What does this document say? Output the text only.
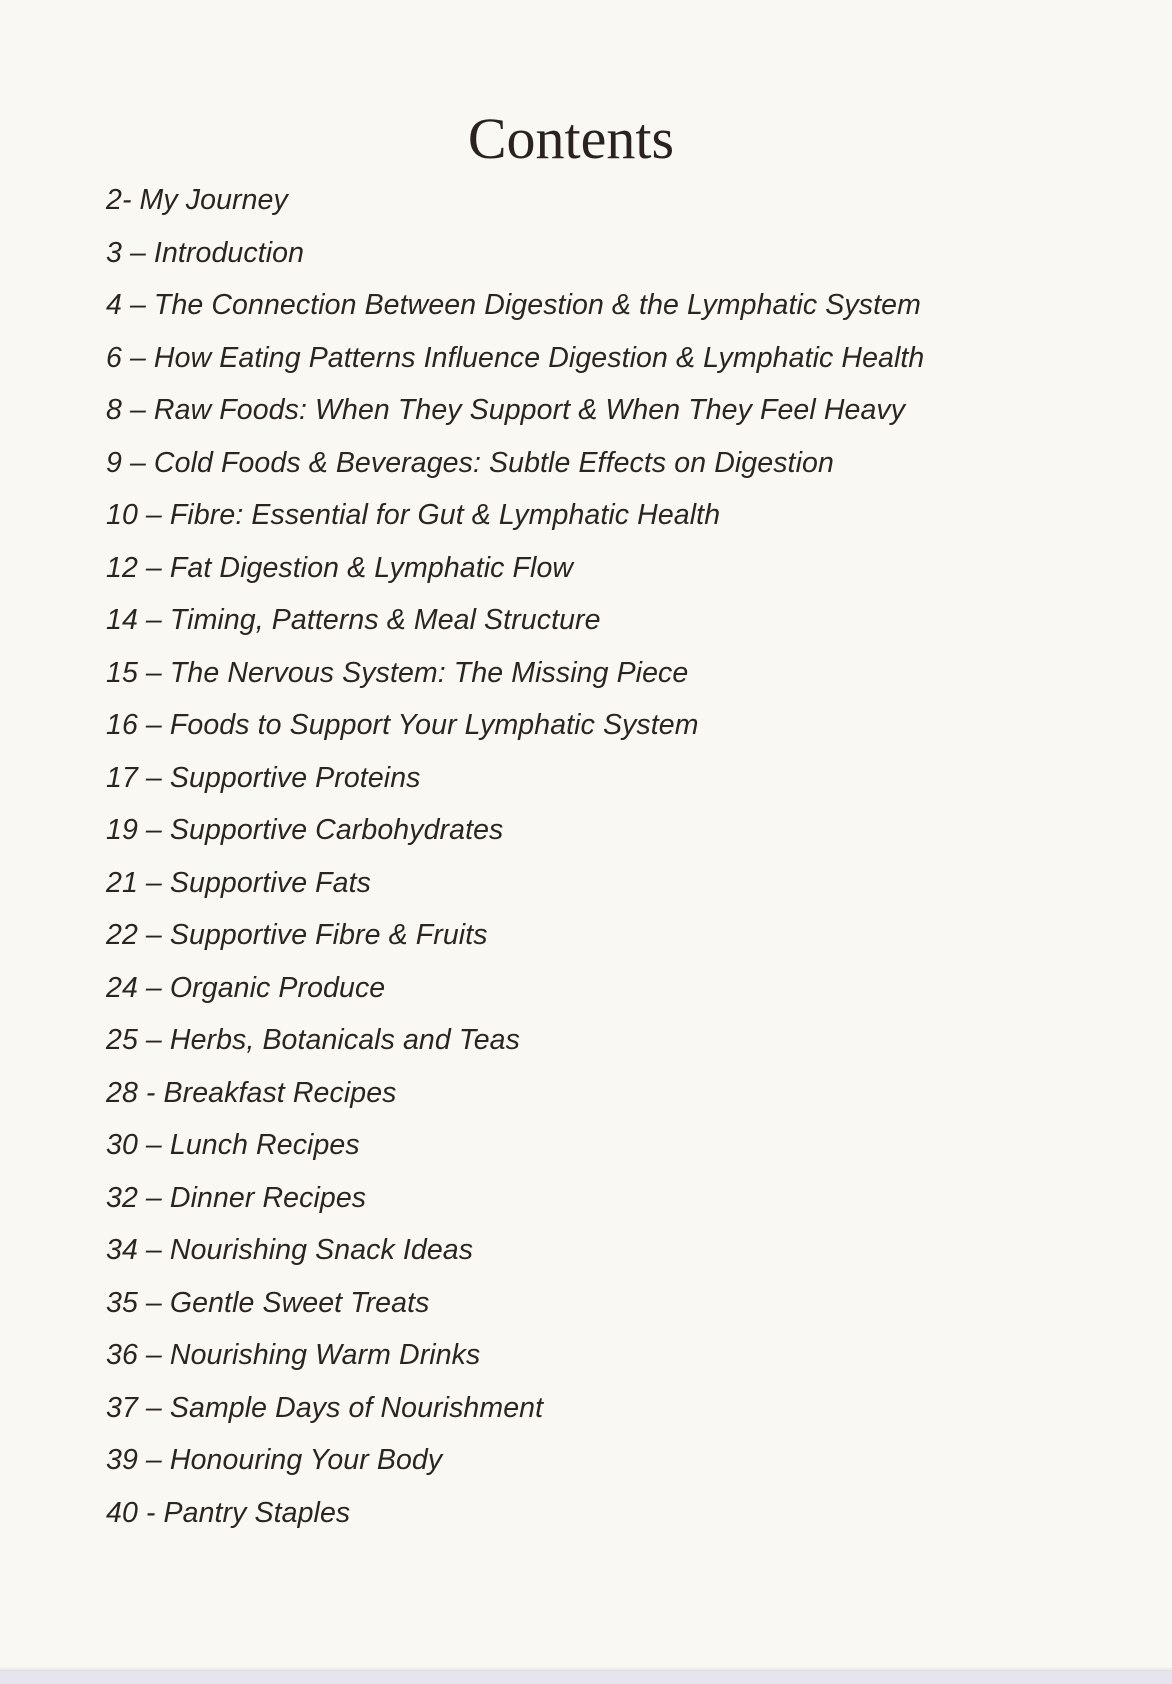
Contents
2- My Journey
3 – Introduction
4 – The Connection Between Digestion & the Lymphatic System
6 – How Eating Patterns Influence Digestion & Lymphatic Health
8 – Raw Foods: When They Support & When They Feel Heavy
9 – Cold Foods & Beverages: Subtle Effects on Digestion
10 – Fibre: Essential for Gut & Lymphatic Health
12 – Fat Digestion & Lymphatic Flow
14 – Timing, Patterns & Meal Structure
15 – The Nervous System: The Missing Piece
16 – Foods to Support Your Lymphatic System
17 – Supportive Proteins
19 – Supportive Carbohydrates
21 – Supportive Fats
22 – Supportive Fibre & Fruits
24 – Organic Produce
25 – Herbs, Botanicals and Teas
28 - Breakfast Recipes
30 – Lunch Recipes
32 – Dinner Recipes
34 – Nourishing Snack Ideas
35 – Gentle Sweet Treats
36 – Nourishing Warm Drinks
37 – Sample Days of Nourishment
39 – Honouring Your Body
40 - Pantry Staples
